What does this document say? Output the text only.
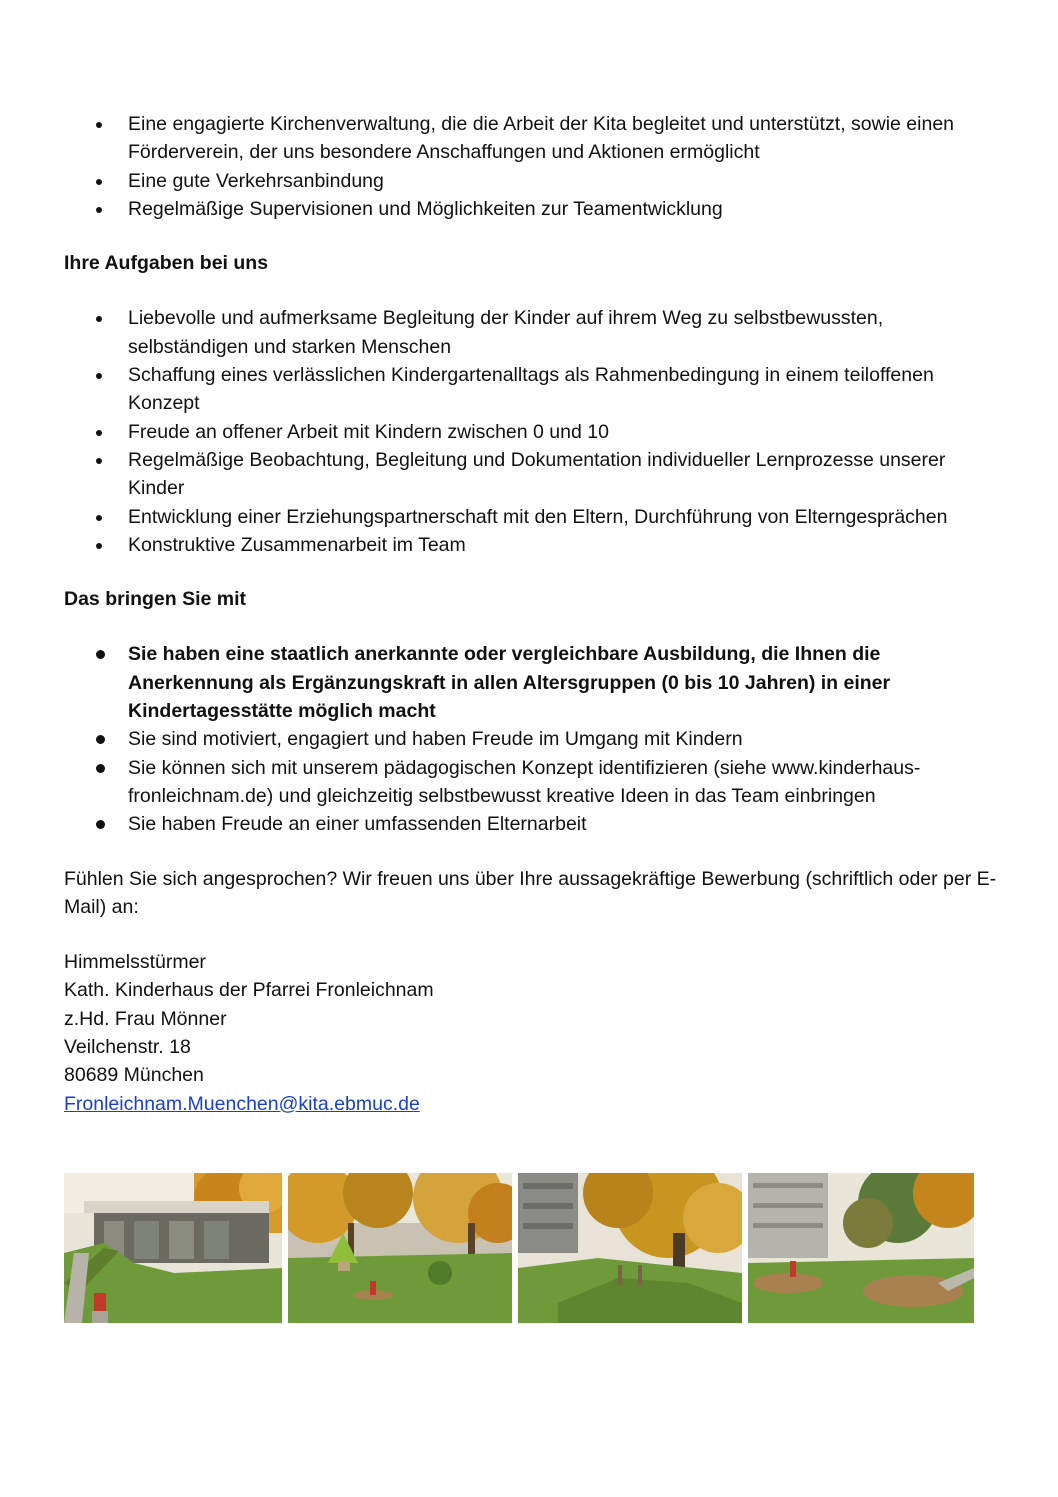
Eine engagierte Kirchenverwaltung, die die Arbeit der Kita begleitet und unterstützt, sowie einen Förderverein, der uns besondere Anschaffungen und Aktionen ermöglicht
Eine gute Verkehrsanbindung
Regelmäßige Supervisionen und Möglichkeiten zur Teamentwicklung
Ihre Aufgaben bei uns
Liebevolle und aufmerksame Begleitung der Kinder auf ihrem Weg zu selbstbewussten, selbständigen und starken Menschen
Schaffung eines verlässlichen Kindergartenalltags als Rahmenbedingung in einem teiloffenen Konzept
Freude an offener Arbeit mit Kindern zwischen 0 und 10
Regelmäßige Beobachtung, Begleitung und Dokumentation individueller Lernprozesse unserer Kinder
Entwicklung einer Erziehungspartnerschaft mit den Eltern, Durchführung von Elterngesprächen
Konstruktive Zusammenarbeit im Team
Das bringen Sie mit
Sie haben eine staatlich anerkannte oder vergleichbare Ausbildung, die Ihnen die Anerkennung als Ergänzungskraft in allen Altersgruppen (0 bis 10 Jahren) in einer Kindertagesstätte möglich macht
Sie sind motiviert, engagiert und haben Freude im Umgang mit Kindern
Sie können sich mit unserem pädagogischen Konzept identifizieren (siehe www.kinderhaus-fronleichnam.de) und gleichzeitig selbstbewusst kreative Ideen in das Team einbringen
Sie haben Freude an einer umfassenden Elternarbeit

Fühlen Sie sich angesprochen? Wir freuen uns über Ihre aussagekräftige Bewerbung (schriftlich oder per E-Mail) an:

Himmelsstürmer
Kath. Kinderhaus der Pfarrei Fronleichnam
z.Hd. Frau Mönner
Veilchenstr. 18
80689 München
Fronleichnam.Muenchen@kita.ebmuc.de
